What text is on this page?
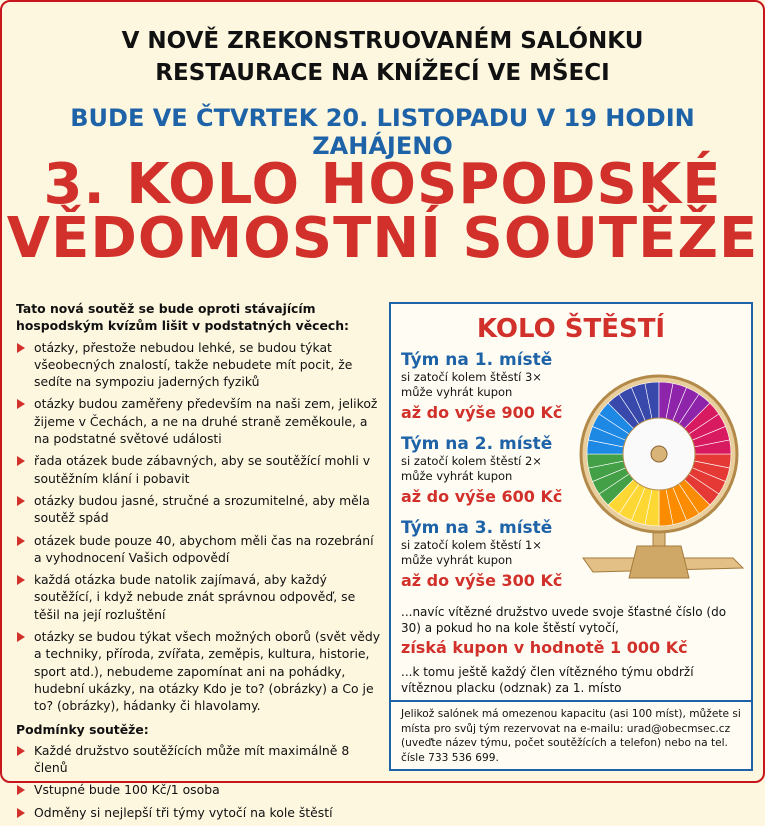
V NOVĚ ZREKONSTRUOVANÉM SALÓNKU
RESTAURACE NA KNÍŽECÍ VE MŠECI
BUDE VE ČTVRTEK 20. LISTOPADU V 19 HODIN ZAHÁJENO
3. KOLO HOSPODSKÉ
VĚDOMOSTNÍ SOUTĚŽE
Tato nová soutěž se bude oproti stávajícím hospodským kvízům lišit v podstatných věcech:
otázky, přestože nebudou lehké, se budou týkat všeobecných znalostí, takže nebudete mít pocit, že sedíte na sympoziu jaderných fyziků
otázky budou zaměřeny především na naši zem, jelikož žijeme v Čechách, a ne na druhé straně zeměkoule, a na podstatné světové události
řada otázek bude zábavných, aby se soutěžící mohli v soutěžním klání i pobavit
otázky budou jasné, stručné a srozumitelné, aby měla soutěž spád
otázek bude pouze 40, abychom měli čas na rozebrání a vyhodnocení Vašich odpovědí
každá otázka bude natolik zajímavá, aby každý soutěžící, i když nebude znát správnou odpověď, se těšil na její rozluštění
otázky se budou týkat všech možných oborů (svět vědy a techniky, příroda, zvířata, zeměpis, kultura, historie, sport atd.), nebudeme zapomínat ani na pohádky, hudební ukázky, na otázky Kdo je to? (obrázky) a Co je to? (obrázky), hádanky či hlavolamy.
Podmínky soutěže:
Každé družstvo soutěžících může mít maximálně 8 členů
Vstupné bude 100 Kč/1 osoba
Odměny si nejlepší tři týmy vytočí na kole štěstí
KOLO ŠTĚSTÍ
Tým na 1. místě
si zatočí kolem štěstí 3×
může vyhrát kupon
až do výše 900 Kč
Tým na 2. místě
si zatočí kolem štěstí 2×
může vyhrát kupon
až do výše 600 Kč
Tým na 3. místě
si zatočí kolem štěstí 1×
může vyhrát kupon
až do výše 300 Kč
...navíc vítězné družstvo uvede svoje šťastné číslo (do 30) a pokud ho na kole štěstí vytočí,
získá kupon v hodnotě 1 000 Kč
...k tomu ještě každý člen vítězného týmu obdrží vítěznou placku (odznak) za 1. místo
Jelikož salónek má omezenou kapacitu (asi 100 míst), můžete si místa pro svůj tým rezervovat na e-mailu: urad@obecmsec.cz (uveďte název týmu, počet soutěžících a telefon) nebo na tel. čísle 733 536 699.
